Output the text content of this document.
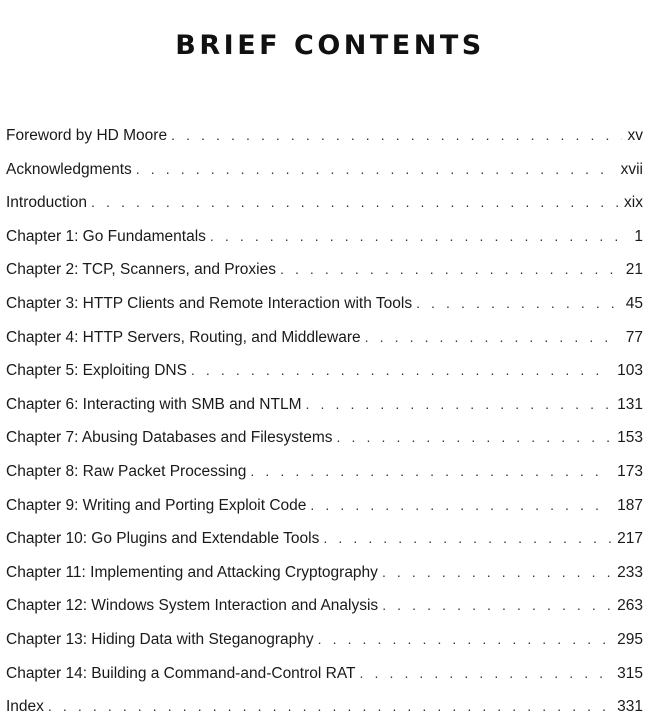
BRIEF CONTENTS
Foreword by HD Moore . . .	xv
Acknowledgments . . .	xvii
Introduction . . .	xix
Chapter 1: Go Fundamentals . . .	1
Chapter 2: TCP, Scanners, and Proxies . . .	21
Chapter 3: HTTP Clients and Remote Interaction with Tools . . .	45
Chapter 4: HTTP Servers, Routing, and Middleware . . .	77
Chapter 5: Exploiting DNS . . .	103
Chapter 6: Interacting with SMB and NTLM . . .	131
Chapter 7: Abusing Databases and Filesystems . . .	153
Chapter 8: Raw Packet Processing . . .	173
Chapter 9: Writing and Porting Exploit Code . . .	187
Chapter 10: Go Plugins and Extendable Tools . . .	217
Chapter 11: Implementing and Attacking Cryptography . . .	233
Chapter 12: Windows System Interaction and Analysis . . .	263
Chapter 13: Hiding Data with Steganography . . .	295
Chapter 14: Building a Command-and-Control RAT . . .	315
Index . . .	331
